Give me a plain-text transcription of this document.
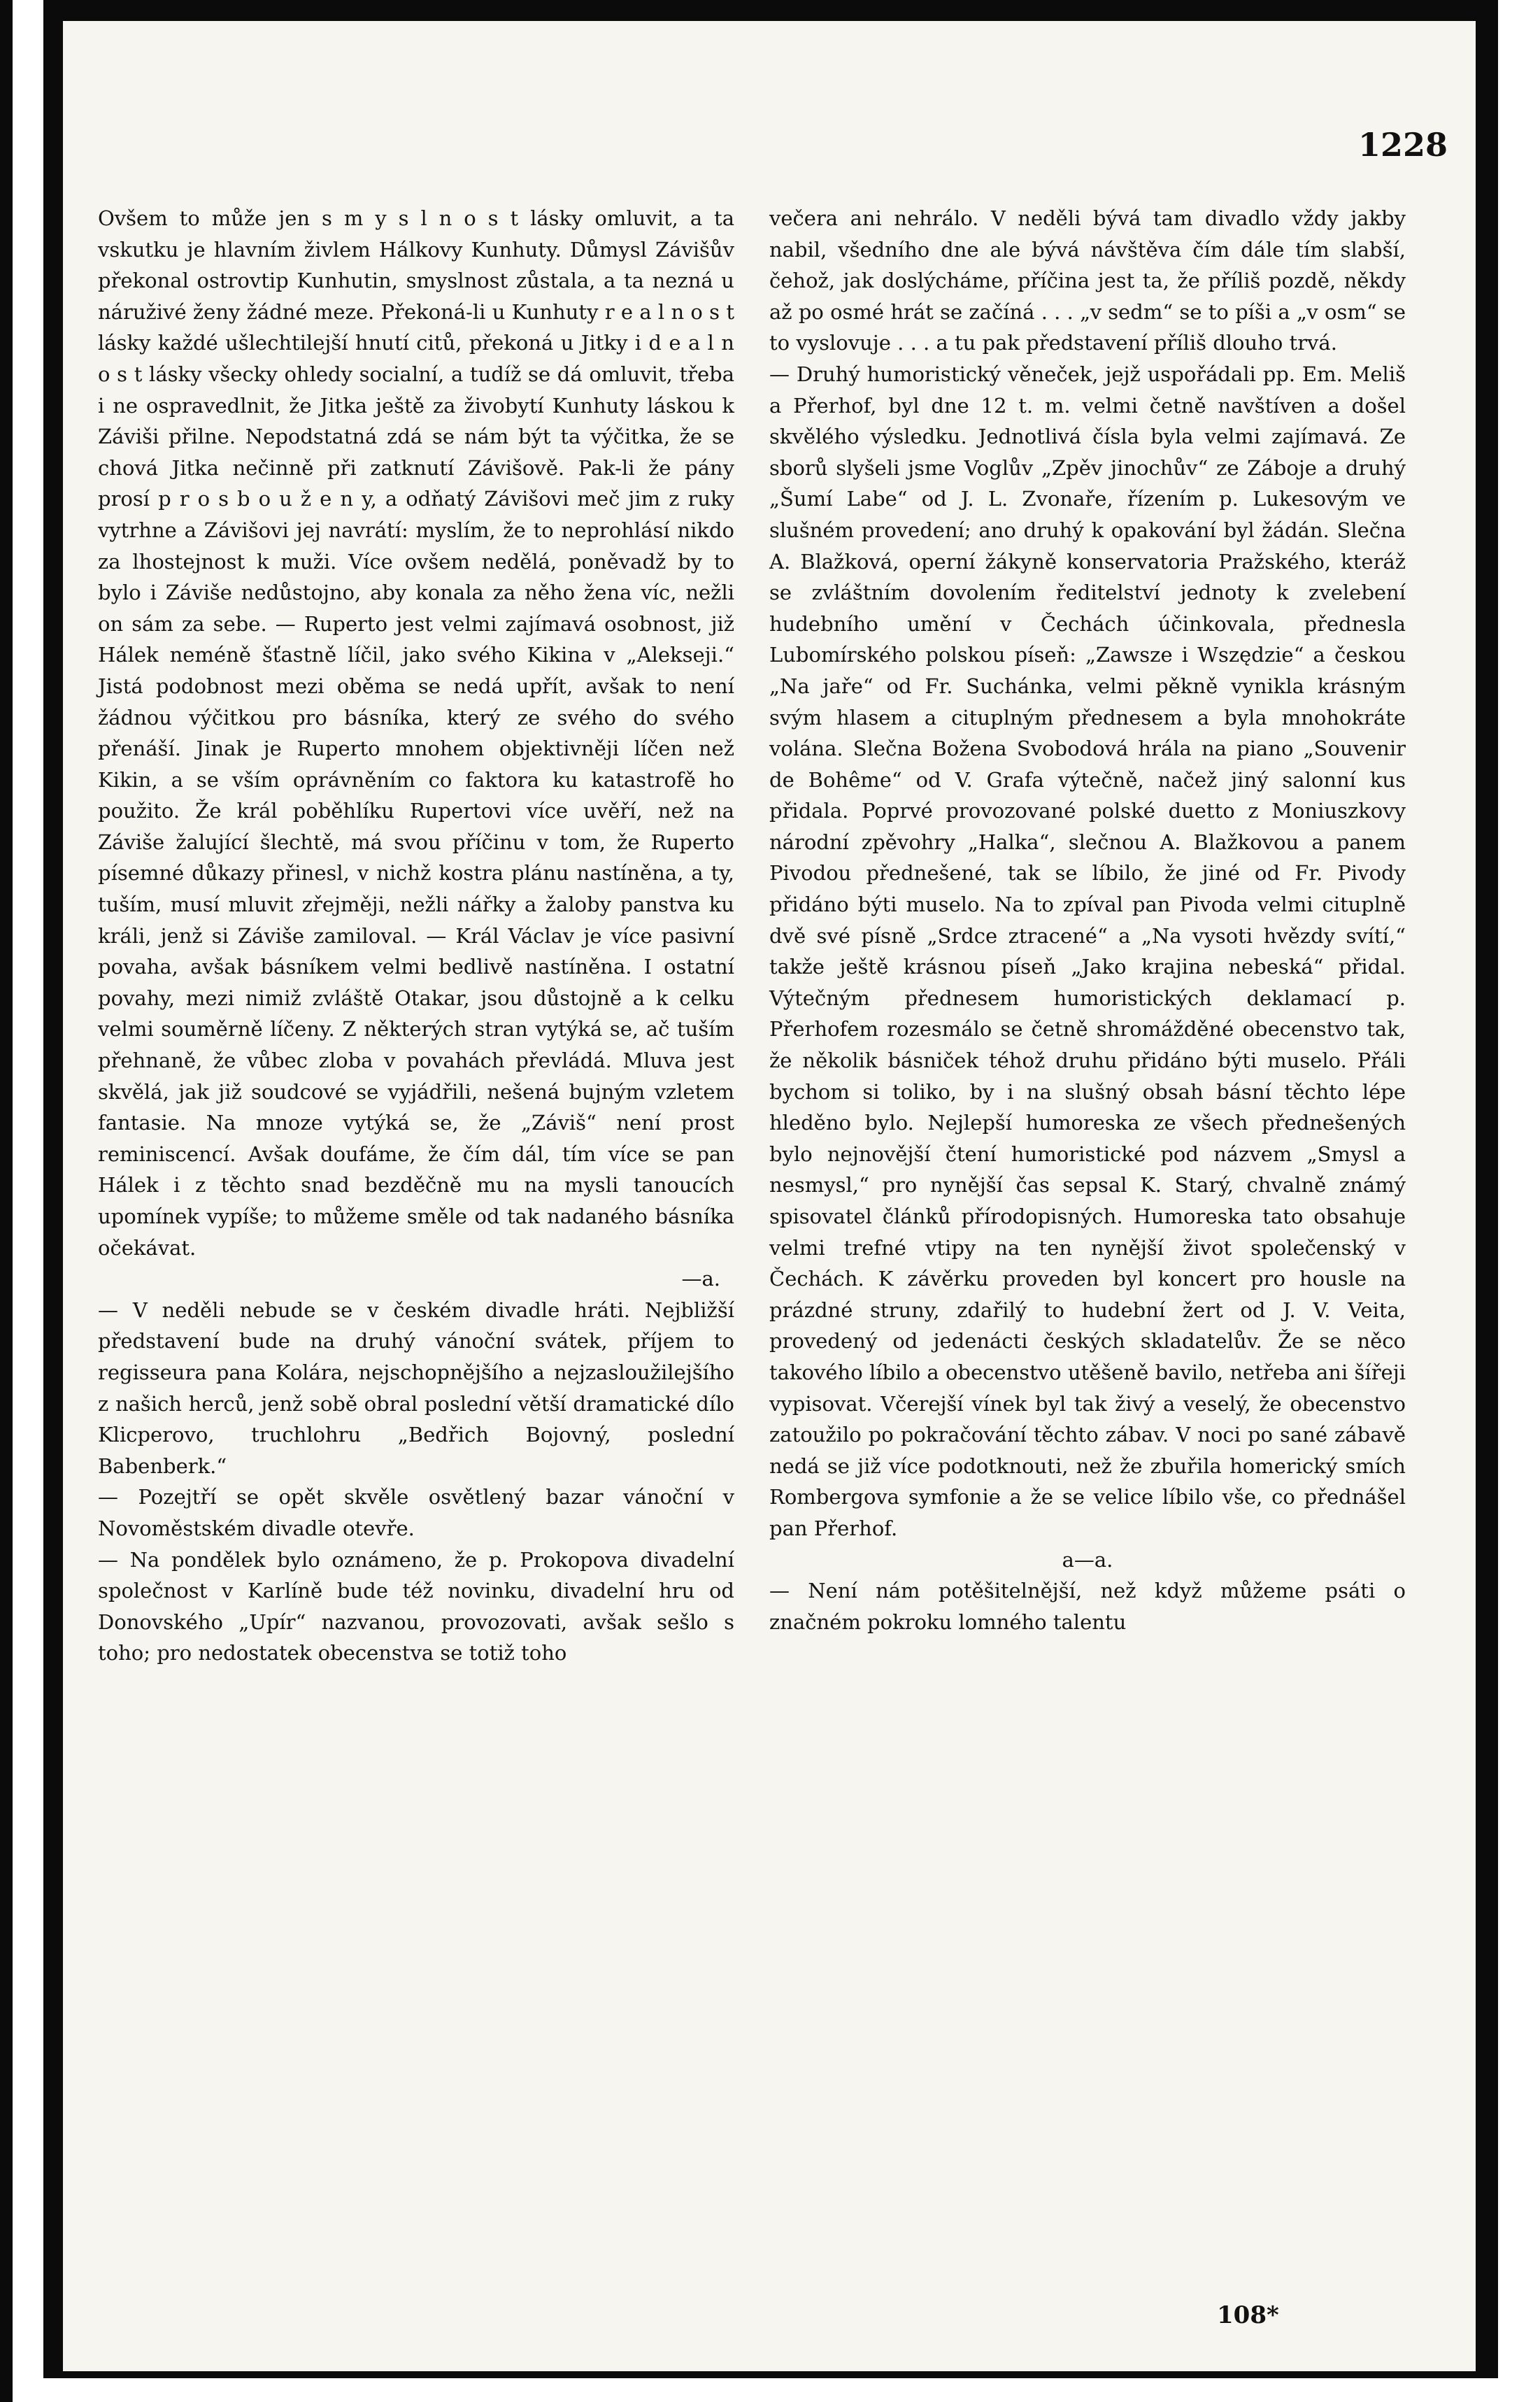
1228

Ovšem to může jen s m y s l n o s t lásky omluvit, a ta vskutku je hlavním živlem Hálkovy Kunhuty. Důmysl Závišův překonal ostrovtip Kunhutin, smyslnost zůstala, a ta nezná u náruživé ženy žádné meze. Překoná-li u Kunhuty r e a l n o s t lásky každé ušlechtilejší hnutí citů, překoná u Jitky i d e a l n o s t lásky všecky ohledy socialní, a tudíž se dá omluvit, třeba i ne ospravedlnit, že Jitka ještě za živobytí Kunhuty láskou k Záviši přilne. Nepodstatná zdá se nám být ta výčitka, že se chová Jitka nečinně při zatknutí Závišově. Pak-li že pány prosí p r o s b o u ž e n y, a odňatý Závišovi meč jim z ruky vytrhne a Závišovi jej navrátí: myslím, že to neprohlásí nikdo za lhostejnost k muži. Více ovšem nedělá, poněvadž by to bylo i Záviše nedůstojno, aby konala za něho žena víc, nežli on sám za sebe. — Ruperto jest velmi zajímavá osobnost, již Hálek neméně šťastně líčil, jako svého Kikina v „Alekseji.“ Jistá podobnost mezi oběma se nedá upřít, avšak to není žádnou výčitkou pro básníka, který ze svého do svého přenáší. Jinak je Ruperto mnohem objektivněji líčen než Kikin, a se vším oprávněním co faktora ku katastrofě ho použito. Že král poběhlíku Rupertovi více uvěří, než na Záviše žalující šlechtě, má svou příčinu v tom, že Ruperto písemné důkazy přinesl, v nichž kostra plánu nastíněna, a ty, tuším, musí mluvit zřejměji, nežli nářky a žaloby panstva ku králi, jenž si Záviše zamiloval. — Král Václav je více pasivní povaha, avšak básníkem velmi bedlivě nastíněna. I ostatní povahy, mezi nimiž zvláště Otakar, jsou důstojně a k celku velmi souměrně líčeny. Z některých stran vytýká se, ač tuším přehnaně, že vůbec zloba v povahách převládá. Mluva jest skvělá, jak již soudcové se vyjádřili, nešená bujným vzletem fantasie. Na mnoze vytýká se, že „Záviš“ není prost reminiscencí. Avšak doufáme, že čím dál, tím více se pan Hálek i z těchto snad bezděčně mu na mysli tanoucích upomínek vypíše; to můžeme směle od tak nadaného básníka očekávat.

—a.

— V neděli nebude se v českém divadle hráti. Nejbližší představení bude na druhý vánoční svátek, příjem to regisseura pana Kolára, nejschopnějšího a nejzasloužilejšího z našich herců, jenž sobě obral poslední větší dramatické dílo Klicperovo, truchlohru „Bedřich Bojovný, poslední Babenberk.“

— Pozejtří se opět skvěle osvětlený bazar vánoční v Novoměstském divadle otevře.

— Na pondělek bylo oznámeno, že p. Prokopova divadelní společnost v Karlíně bude též novinku, divadelní hru od Donovského „Upír“ nazvanou, provozovati, avšak sešlo s toho; pro nedostatek obecenstva se totiž toho

večera ani nehrálo. V neděli bývá tam divadlo vždy jakby nabil, všedního dne ale bývá návštěva čím dále tím slabší, čehož, jak doslýcháme, příčina jest ta, že příliš pozdě, někdy až po osmé hrát se začíná . . . „v sedm“ se to píši a „v osm“ se to vyslovuje . . . a tu pak představení příliš dlouho trvá.

— Druhý humoristický věneček, jejž uspořádali pp. Em. Meliš a Přerhof, byl dne 12 t. m. velmi četně navštíven a došel skvělého výsledku. Jednotlivá čísla byla velmi zajímavá. Ze sborů slyšeli jsme Voglův „Zpěv jinochův“ ze Záboje a druhý „Šumí Labe“ od J. L. Zvonaře, řízením p. Lukesovým ve slušném provedení; ano druhý k opakování byl žádán. Slečna A. Blažková, operní žákyně konservatoria Pražského, kteráž se zvláštním dovolením ředitelství jednoty k zvelebení hudebního umění v Čechách účinkovala, přednesla Lubomírského polskou píseň: „Zawsze i Wszędzie“ a českou „Na jaře“ od Fr. Suchánka, velmi pěkně vynikla krásným svým hlasem a citupl​ným přednesem a byla mnohokráte volána. Slečna Božena Svobodová hrála na piano „Souvenir de Bohême“ od V. Grafa výtečně, načež jiný salonní kus přidala. Poprvé provozované polské duetto z Moniuszkovy národní zpěvohry „Halka“, slečnou A. Blažkovou a panem Pivodou přednešené, tak se líbilo, že jiné od Fr. Pivody přidáno býti muselo. Na to zpíval pan Pivoda velmi citupl​ně dvě své písně „Srdce ztracené“ a „Na vysoti hvězdy svítí,“ takže ještě krásnou píseň „Jako krajina nebeská“ přidal. Výtečným přednesem humoristických deklamací p. Přerhofem rozesmálo se četně shromážděné obecenstvo tak, že několik básniček téhož druhu přidáno býti muselo. Přáli bychom si toliko, by i na slušný obsah básní těchto lépe hleděno bylo. Nejlepší humoreska ze všech přednešených bylo nejnovější čtení humoristické pod názvem „Smysl a nesmysl,“ pro nynější čas sepsal K. Starý, chvalně známý spisovatel článků přírodopisných. Humoreska tato obsahuje velmi trefné vtipy na ten nynější život společenský v Čechách. K závěrku proveden byl koncert pro housle na prázdné struny, zdařilý to hudební žert od J. V. Veita, provedený od jedenácti českých skladatelův. Že se něco takového líbilo a obecenstvo utěšeně bavilo, netřeba ani šířeji vypisovat. Včerejší vínek byl tak živý a veselý, že obecenstvo zatoužilo po pokračování těchto zábav. V noci po sané zábavě nedá se již více podotknouti, než že zbuřila homerický smích Rombergova symfonie a že se velice líbilo vše, co přednášel pan Přerhof.

a—a.

— Není nám potěšitelnější, než když můžeme psáti o značném pokroku lomného talentu

108*
